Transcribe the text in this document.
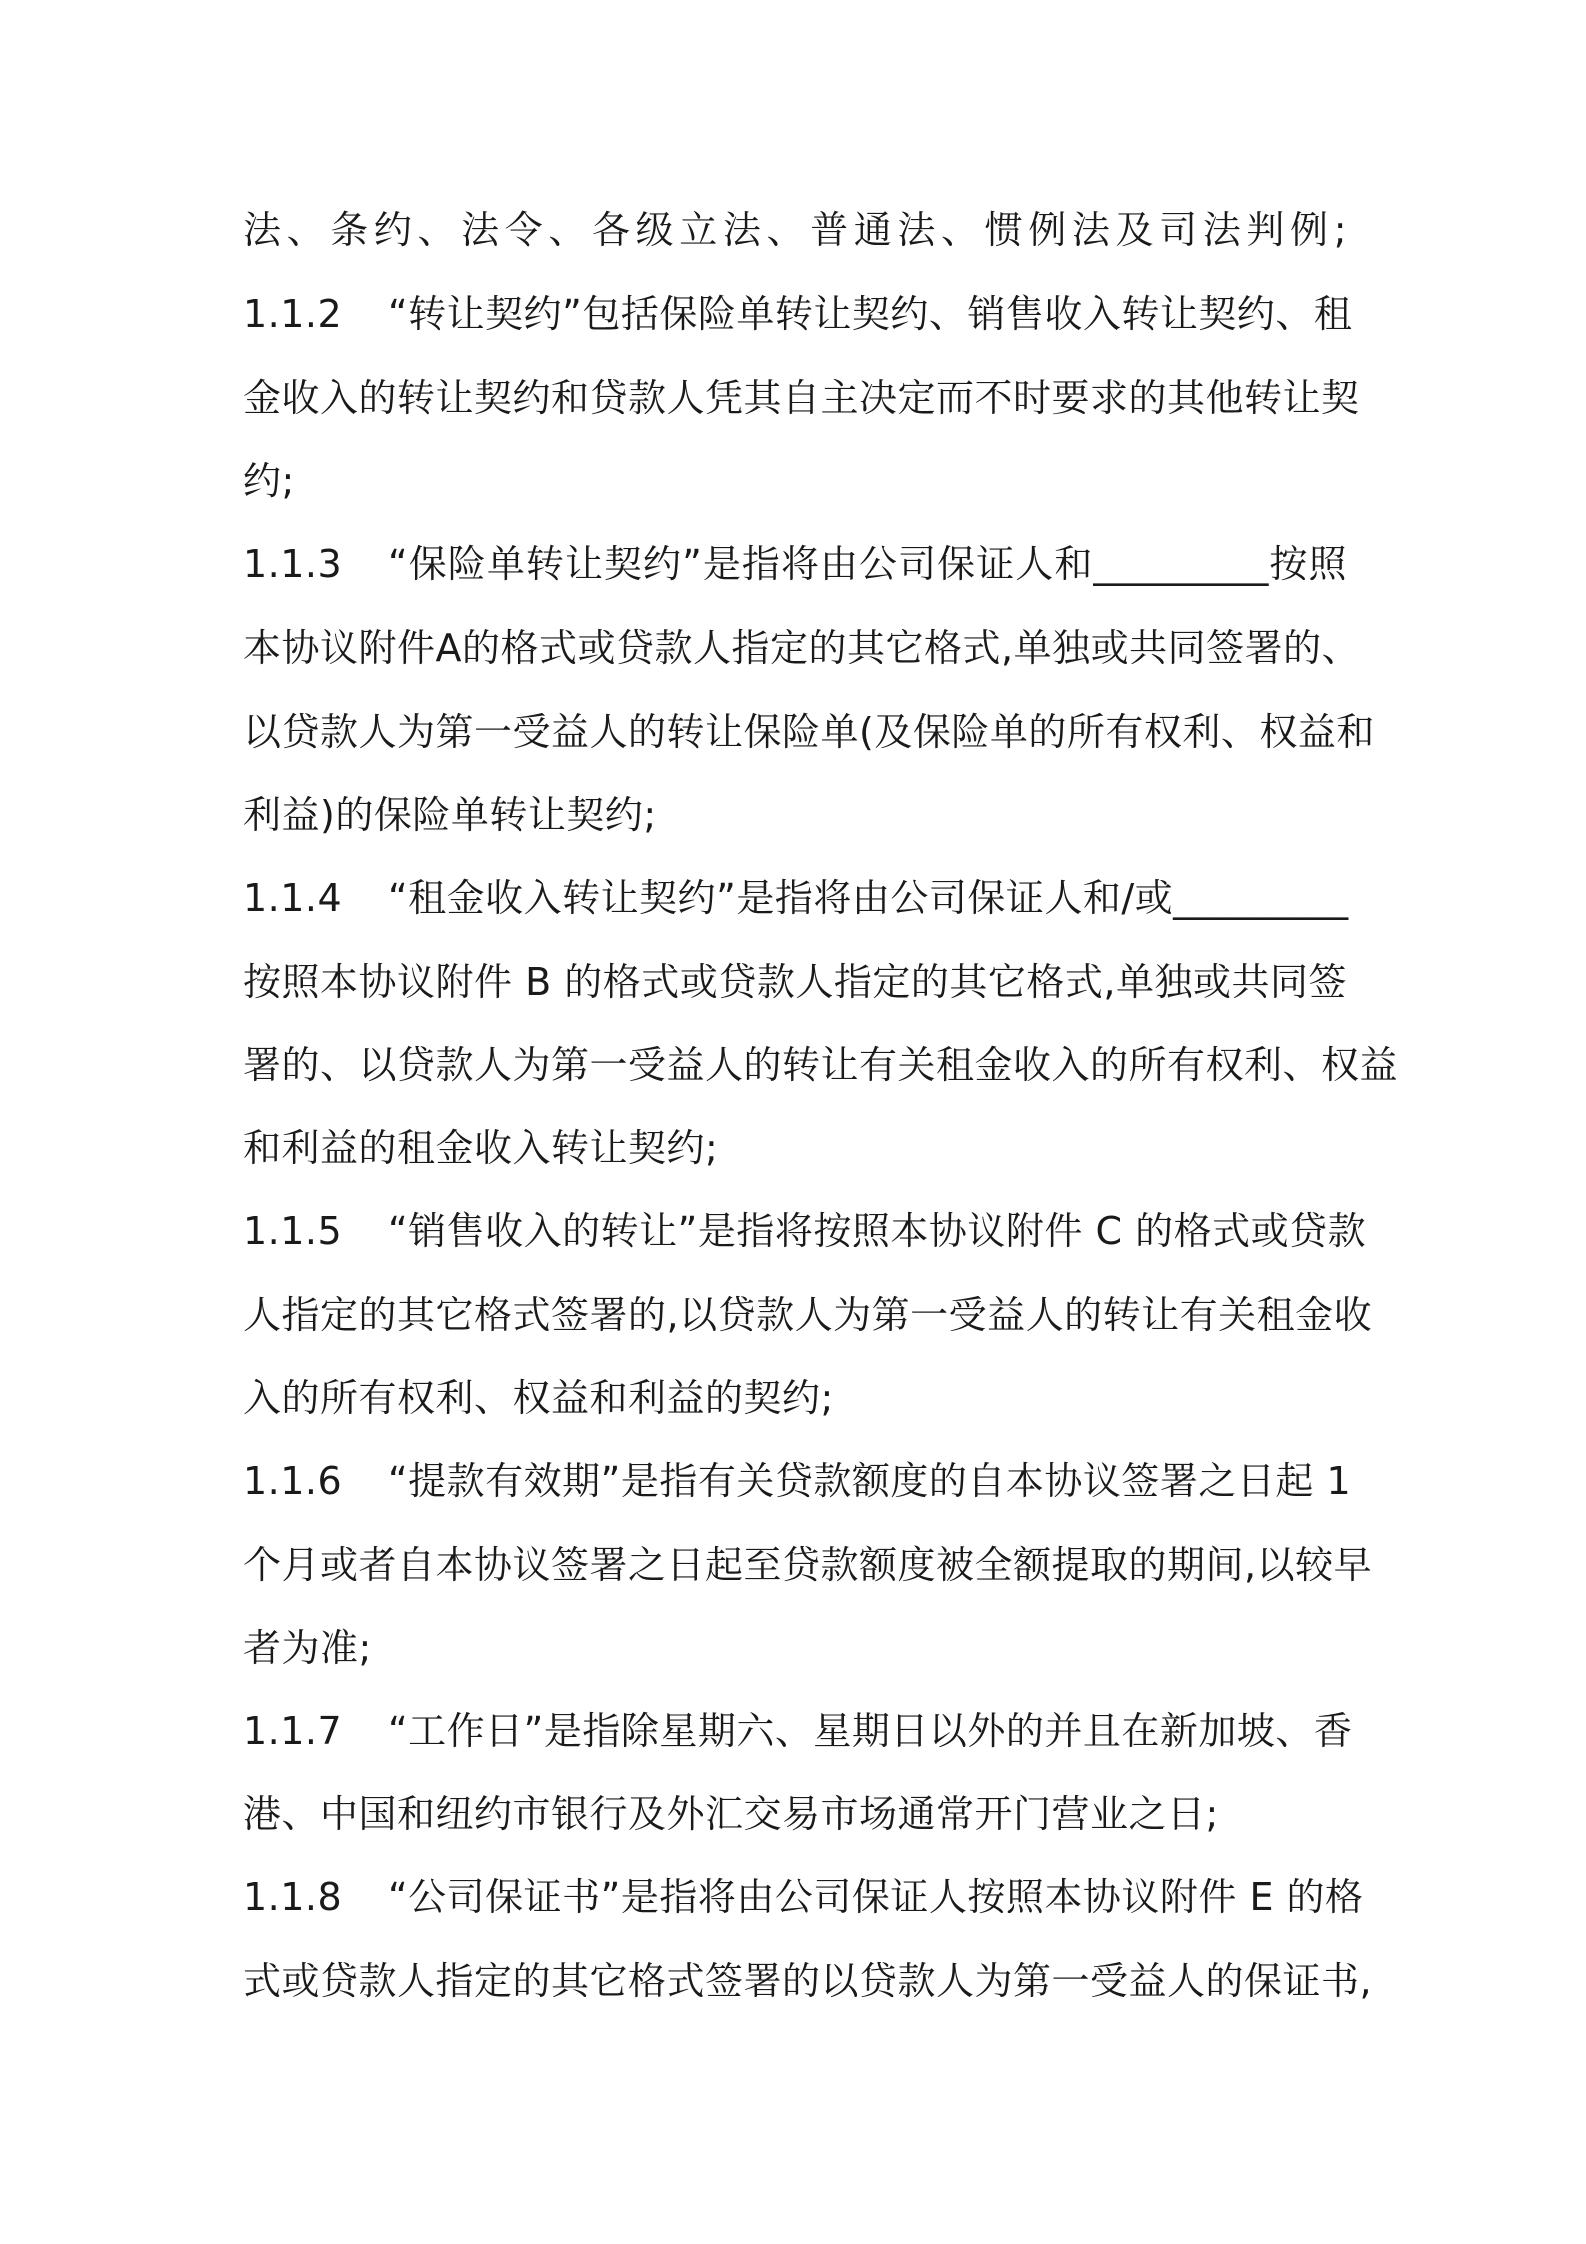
法、条约、法令、各级立法、普通法、惯例法及司法判例;
1.1.2 “转让契约”包括保险单转让契约、销售收入转让契约、租
金收入的转让契约和贷款人凭其自主决定而不时要求的其他转让契
约;
1.1.3 “保险单转让契约”是指将由公司保证人和_________按照
本协议附件A的格式或贷款人指定的其它格式,单独或共同签署的、
以贷款人为第一受益人的转让保险单(及保险单的所有权利、权益和
利益)的保险单转让契约;
1.1.4 “租金收入转让契约”是指将由公司保证人和/或_________
按照本协议附件 B 的格式或贷款人指定的其它格式,单独或共同签
署的、以贷款人为第一受益人的转让有关租金收入的所有权利、权益
和利益的租金收入转让契约;
1.1.5 “销售收入的转让”是指将按照本协议附件 C 的格式或贷款
人指定的其它格式签署的,以贷款人为第一受益人的转让有关租金收
入的所有权利、权益和利益的契约;
1.1.6 “提款有效期”是指有关贷款额度的自本协议签署之日起 1
个月或者自本协议签署之日起至贷款额度被全额提取的期间,以较早
者为准;
1.1.7 “工作日”是指除星期六、星期日以外的并且在新加坡、香
港、中国和纽约市银行及外汇交易市场通常开门营业之日;
1.1.8 “公司保证书”是指将由公司保证人按照本协议附件 E 的格
式或贷款人指定的其它格式签署的以贷款人为第一受益人的保证书,
